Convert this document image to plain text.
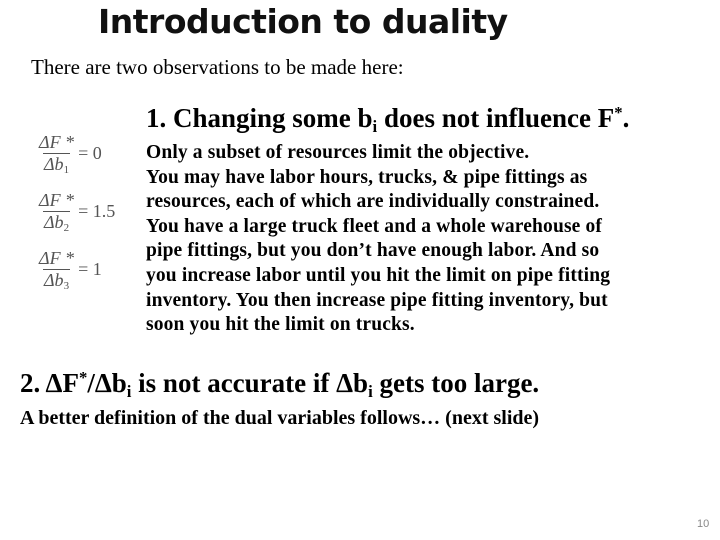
Introduction to duality
There are two observations to be made here:
1. Changing some $b_i$ does not influence F*.
$\frac{\Delta F *}{\Delta b_1} = 0$
$\frac{\Delta F *}{\Delta b_2} = 1.5$
$\frac{\Delta F *}{\Delta b_3} = 1$
Only a subset of resources limit the objective.
You may have labor hours, trucks, & pipe fittings as
resources, each of which are individually constrained.
You have a large truck fleet and a whole warehouse of
pipe fittings, but you don’t have enough labor. And so
you increase labor until you hit the limit on pipe fitting
inventory. You then increase pipe fitting inventory, but
soon you hit the limit on trucks.
2. $\Delta F^*/\Delta b_i$ is not accurate if $\Delta b_i$ gets too large.
A better definition of the dual variables follows… (next slide)
10
